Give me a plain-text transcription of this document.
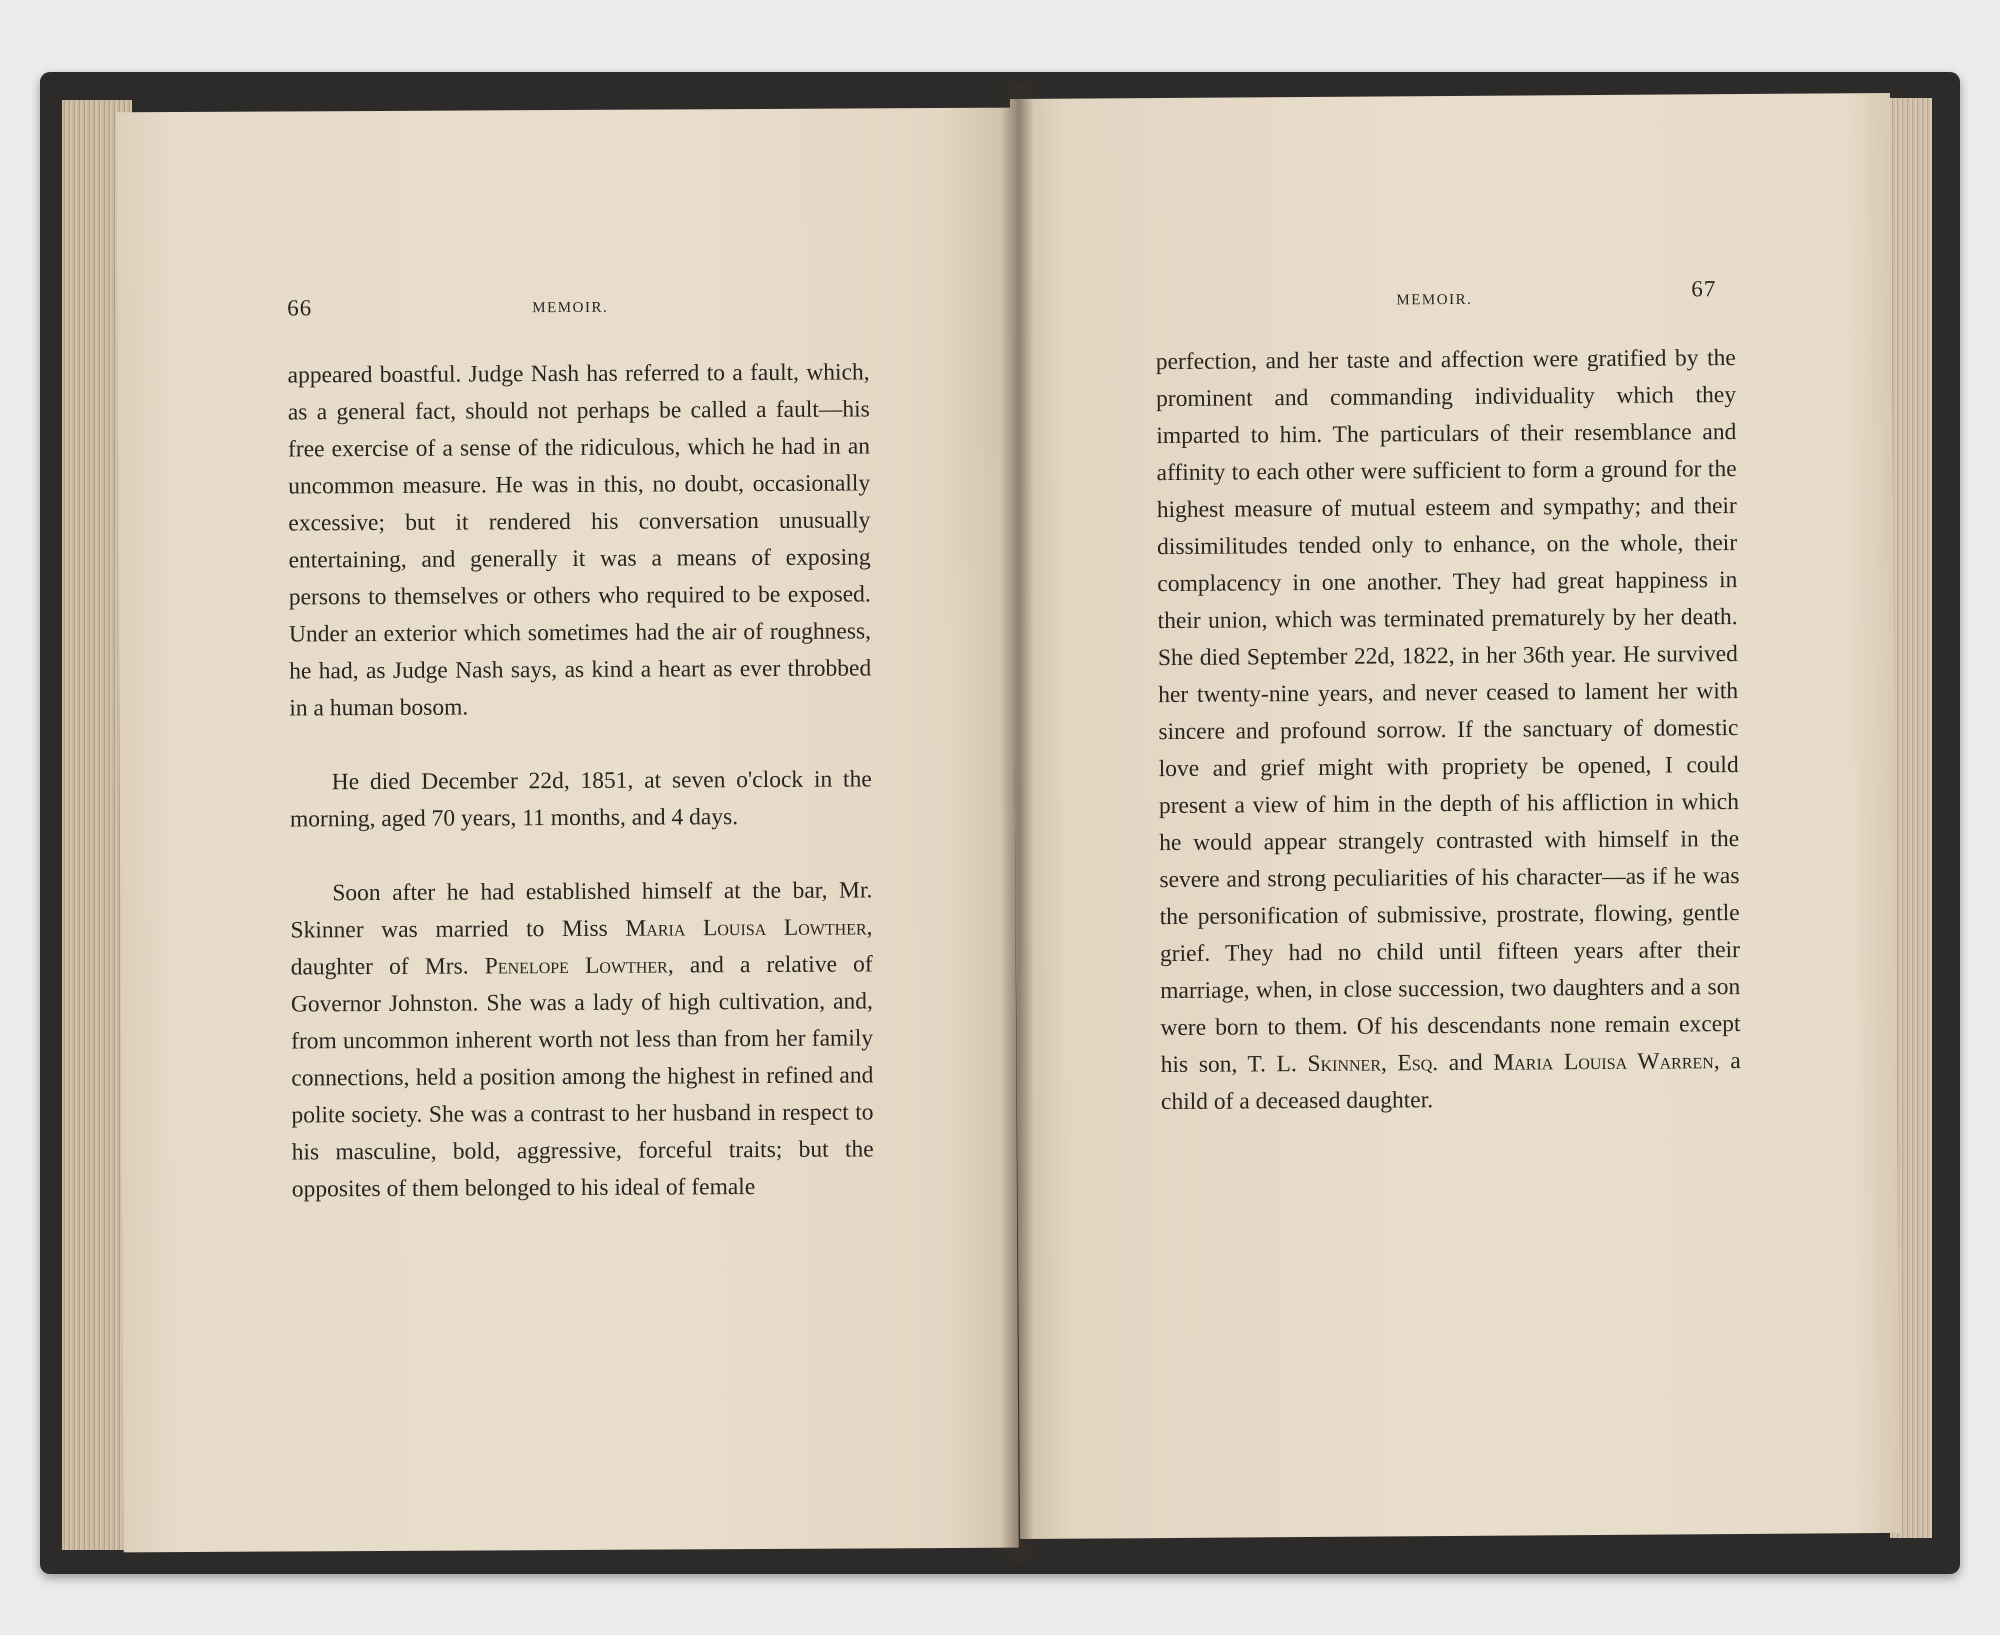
66	MEMOIR.

appeared boastful. Judge Nash has referred to a fault, which, as a general fact, should not perhaps be called a fault—his free exercise of a sense of the ridiculous, which he had in an uncommon measure. He was in this, no doubt, occasionally excessive; but it rendered his conversation unusually entertaining, and generally it was a means of exposing persons to themselves or others who required to be exposed. Under an exterior which sometimes had the air of roughness, he had, as Judge Nash says, as kind a heart as ever throbbed in a human bosom.

He died December 22d, 1851, at seven o'clock in the morning, aged 70 years, 11 months, and 4 days.

Soon after he had established himself at the bar, Mr. Skinner was married to Miss Maria Louisa Lowther, daughter of Mrs. Penelope Lowther, and a relative of Governor Johnston. She was a lady of high cultivation, and, from uncommon inherent worth not less than from her family connections, held a position among the highest in refined and polite society. She was a contrast to her husband in respect to his masculine, bold, aggressive, forceful traits; but the opposites of them belonged to his ideal of female

MEMOIR.	67

perfection, and her taste and affection were gratified by the prominent and commanding individuality which they imparted to him. The particulars of their resemblance and affinity to each other were sufficient to form a ground for the highest measure of mutual esteem and sympathy; and their dissimilitudes tended only to enhance, on the whole, their complacency in one another. They had great happiness in their union, which was terminated prematurely by her death. She died September 22d, 1822, in her 36th year. He survived her twenty-nine years, and never ceased to lament her with sincere and profound sorrow. If the sanctuary of domestic love and grief might with propriety be opened, I could present a view of him in the depth of his affliction in which he would appear strangely contrasted with himself in the severe and strong peculiarities of his character—as if he was the personification of submissive, prostrate, flowing, gentle grief. They had no child until fifteen years after their marriage, when, in close succession, two daughters and a son were born to them. Of his descendants none remain except his son, T. L. Skinner, Esq. and Maria Louisa Warren, a child of a deceased daughter.
